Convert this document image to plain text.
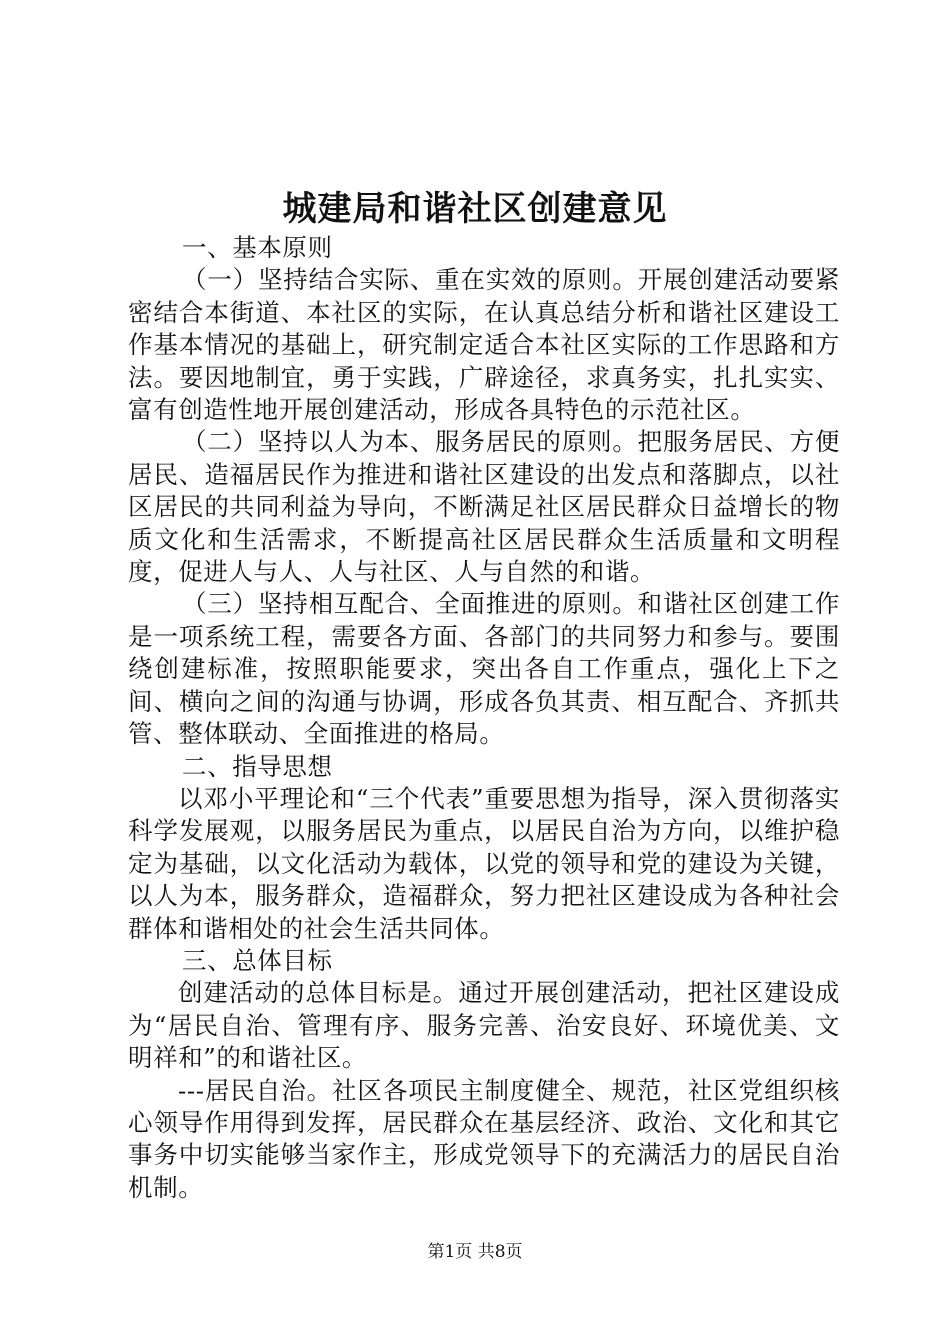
城建局和谐社区创建意见

一、基本原则

（一）坚持结合实际、重在实效的原则。开展创建活动要紧密结合本街道、本社区的实际，在认真总结分析和谐社区建设工作基本情况的基础上，研究制定适合本社区实际的工作思路和方法。要因地制宜，勇于实践，广辟途径，求真务实，扎扎实实、富有创造性地开展创建活动，形成各具特色的示范社区。

（二）坚持以人为本、服务居民的原则。把服务居民、方便居民、造福居民作为推进和谐社区建设的出发点和落脚点，以社区居民的共同利益为导向，不断满足社区居民群众日益增长的物质文化和生活需求，不断提高社区居民群众生活质量和文明程度，促进人与人、人与社区、人与自然的和谐。

（三）坚持相互配合、全面推进的原则。和谐社区创建工作是一项系统工程，需要各方面、各部门的共同努力和参与。要围绕创建标准，按照职能要求，突出各自工作重点，强化上下之间、横向之间的沟通与协调，形成各负其责、相互配合、齐抓共管、整体联动、全面推进的格局。

二、指导思想

以邓小平理论和“三个代表”重要思想为指导，深入贯彻落实科学发展观，以服务居民为重点，以居民自治为方向，以维护稳定为基础，以文化活动为载体，以党的领导和党的建设为关键，以人为本，服务群众，造福群众，努力把社区建设成为各种社会群体和谐相处的社会生活共同体。

三、总体目标

创建活动的总体目标是。通过开展创建活动，把社区建设成为“居民自治、管理有序、服务完善、治安良好、环境优美、文明祥和”的和谐社区。

---居民自治。社区各项民主制度健全、规范，社区党组织核心领导作用得到发挥，居民群众在基层经济、政治、文化和其它事务中切实能够当家作主，形成党领导下的充满活力的居民自治机制。

第1页 共8页
